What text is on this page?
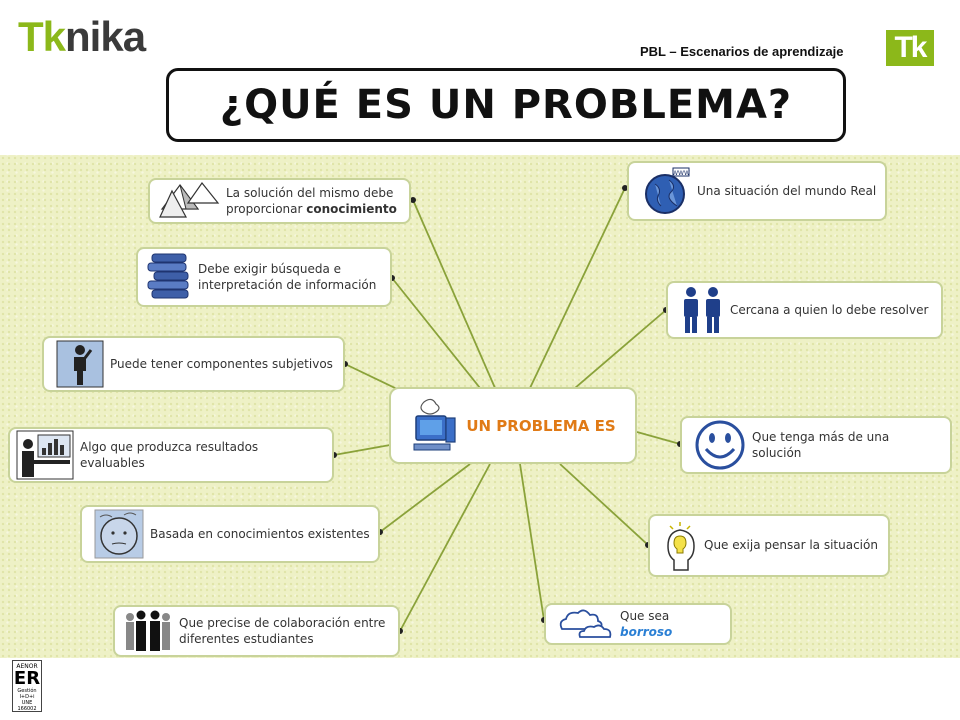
Tknika	PBL – Escenarios de aprendizaje Tk
¿QUÉ ES UN PROBLEMA?
UN PROBLEMA ES
La solución del mismo debe proporcionar conocimiento
Debe exigir búsqueda e
interpretación de información
Puede tener componentes subjetivos
Algo que produzca resultados evaluables
Basada en conocimientos existentes
Que precise de colaboración entre
diferentes estudiantes
WWW
Una situación del mundo Real
Cercana a quien lo debe resolver
Que tenga más de una solución
Que exija pensar la situación
Que sea borroso
AENOR
ER
Gestión I+D+i
UNE 166002
